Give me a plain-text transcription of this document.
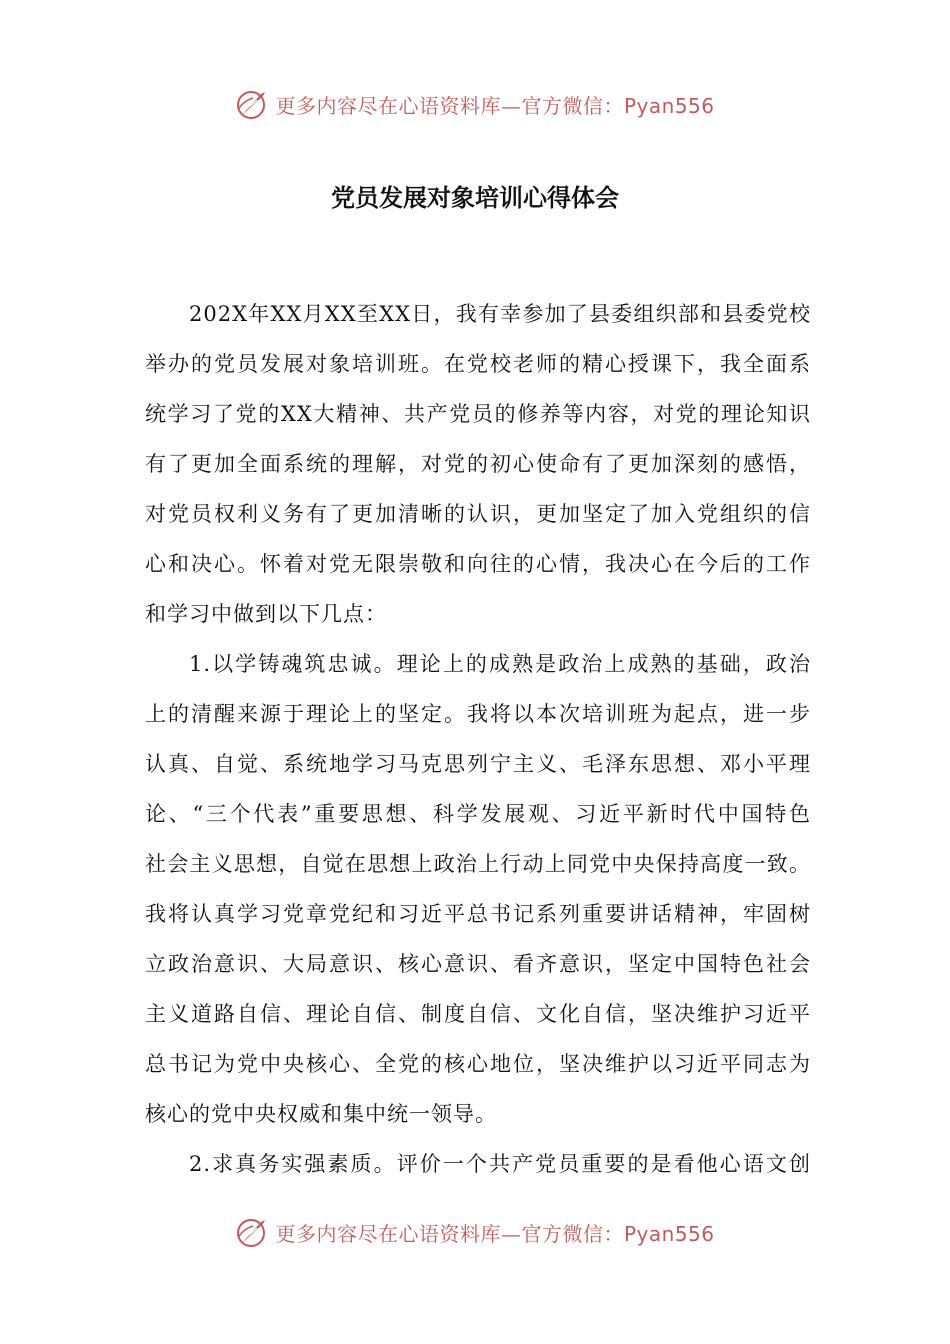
更多内容尽在心语资料库—官方微信：Pyan556
党员发展对象培训心得体会
202X年XX月XX至XX日，我有幸参加了县委组织部和县委党校
举办的党员发展对象培训班。在党校老师的精心授课下，我全面系
统学习了党的XX大精神、共产党员的修养等内容，对党的理论知识
有了更加全面系统的理解，对党的初心使命有了更加深刻的感悟，
对党员权利义务有了更加清晰的认识，更加坚定了加入党组织的信
心和决心。怀着对党无限崇敬和向往的心情，我决心在今后的工作
和学习中做到以下几点：
1.以学铸魂筑忠诚。理论上的成熟是政治上成熟的基础，政治
上的清醒来源于理论上的坚定。我将以本次培训班为起点，进一步
认真、自觉、系统地学习马克思列宁主义、毛泽东思想、邓小平理
论、“三个代表”重要思想、科学发展观、习近平新时代中国特色
社会主义思想，自觉在思想上政治上行动上同党中央保持高度一致。
我将认真学习党章党纪和习近平总书记系列重要讲话精神，牢固树
立政治意识、大局意识、核心意识、看齐意识，坚定中国特色社会
主义道路自信、理论自信、制度自信、文化自信，坚决维护习近平
总书记为党中央核心、全党的核心地位，坚决维护以习近平同志为
核心的党中央权威和集中统一领导。
2.求真务实强素质。评价一个共产党员重要的是看他心语文创
更多内容尽在心语资料库—官方微信：Pyan556
